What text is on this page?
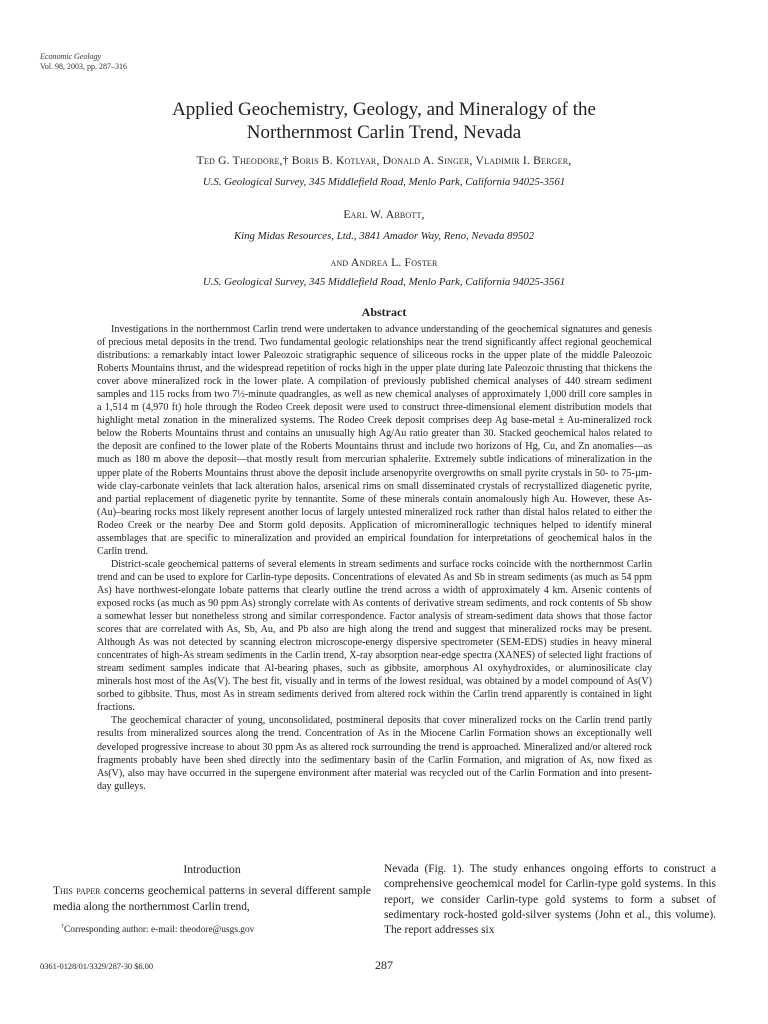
Economic Geology
Vol. 98, 2003, pp. 287–316
Applied Geochemistry, Geology, and Mineralogy of the
Northernmost Carlin Trend, Nevada
Ted G. Theodore,† Boris B. Kotlyar, Donald A. Singer, Vladimir I. Berger,
U.S. Geological Survey, 345 Middlefield Road, Menlo Park, California 94025-3561
Earl W. Abbott,
King Midas Resources, Ltd., 3841 Amador Way, Reno, Nevada 89502
and Andrea L. Foster
U.S. Geological Survey, 345 Middlefield Road, Menlo Park, California 94025-3561
Abstract

Investigations in the northernmost Carlin trend were undertaken to advance understanding of the geochemical signatures and genesis of precious metal deposits in the trend. Two fundamental geologic relationships near the trend significantly affect regional geochemical distributions: a remarkably intact lower Paleozoic stratigraphic sequence of siliceous rocks in the upper plate of the middle Paleozoic Roberts Mountains thrust, and the widespread repetition of rocks high in the upper plate during late Paleozoic thrusting that thickens the cover above mineralized rock in the lower plate. A compilation of previously published chemical analyses of 440 stream sediment samples and 115 rocks from two 7½-minute quadrangles, as well as new chemical analyses of approximately 1,000 drill core samples in a 1,514 m (4,970 ft) hole through the Rodeo Creek deposit were used to construct three-dimensional element distribution models that highlight metal zonation in the mineralized systems. The Rodeo Creek deposit comprises deep Ag base-metal ± Au-mineralized rock below the Roberts Mountains thrust and contains an unusually high Ag/Au ratio greater than 30. Stacked geochemical halos related to the deposit are confined to the lower plate of the Roberts Mountains thrust and include two horizons of Hg, Cu, and Zn anomalies—as much as 180 m above the deposit—that mostly result from mercurian sphalerite. Extremely subtle indications of mineralization in the upper plate of the Roberts Mountains thrust above the deposit include arsenopyrite overgrowths on small pyrite crystals in 50- to 75-µm-wide clay-carbonate veinlets that lack alteration halos, arsenical rims on small disseminated crystals of recrystallized diagenetic pyrite, and partial replacement of diagenetic pyrite by tennantite. Some of these minerals contain anomalously high Au. However, these As-(Au)–bearing rocks most likely represent another locus of largely untested mineralized rock rather than distal halos related to either the Rodeo Creek or the nearby Dee and Storm gold deposits. Application of microminerallogic techniques helped to identify mineral assemblages that are specific to mineralization and provided an empirical foundation for interpretations of geochemical halos in the Carlin trend.

District-scale geochemical patterns of several elements in stream sediments and surface rocks coincide with the northernmost Carlin trend and can be used to explore for Carlin-type deposits. Concentrations of elevated As and Sb in stream sediments (as much as 54 ppm As) have northwest-elongate lobate patterns that clearly outline the trend across a width of approximately 4 km. Arsenic contents of exposed rocks (as much as 90 ppm As) strongly correlate with As contents of derivative stream sediments, and rock contents of Sb show a somewhat lesser but nonetheless strong and similar correspondence. Factor analysis of stream-sediment data shows that those factor scores that are correlated with As, Sb, Au, and Pb also are high along the trend and suggest that mineralized rocks may be present. Although As was not detected by scanning electron microscope-energy dispersive spectrometer (SEM-EDS) studies in heavy mineral concentrates of high-As stream sediments in the Carlin trend, X-ray absorption near-edge spectra (XANES) of selected light fractions of stream sediment samples indicate that Al-bearing phases, such as gibbsite, amorphous Al oxyhydroxides, or aluminosilicate clay minerals host most of the As(V). The best fit, visually and in terms of the lowest residual, was obtained by a model compound of As(V) sorbed to gibbsite. Thus, most As in stream sediments derived from altered rock within the Carlin trend apparently is contained in light fractions.

The geochemical character of young, unconsolidated, postmineral deposits that cover mineralized rocks on the Carlin trend partly results from mineralized sources along the trend. Concentration of As in the Miocene Carlin Formation shows an exceptionally well developed progressive increase to about 30 ppm As as altered rock surrounding the trend is approached. Mineralized and/or altered rock fragments probably have been shed directly into the sedimentary basin of the Carlin Formation, and migration of As, now fixed as As(V), also may have occurred in the supergene environment after material was recycled out of the Carlin Formation and into present-day gulleys.

Introduction

This paper concerns geochemical patterns in several different sample media along the northernmost Carlin trend,

Nevada (Fig. 1). The study enhances ongoing efforts to construct a comprehensive geochemical model for Carlin-type gold systems. In this report, we consider Carlin-type gold systems to form a subset of sedimentary rock-hosted gold-silver systems (John et al., this volume). The report addresses six

†Corresponding author: e-mail: theodore@usgs.gov
0361-0128/01/3329/287-30 $6.00	287
